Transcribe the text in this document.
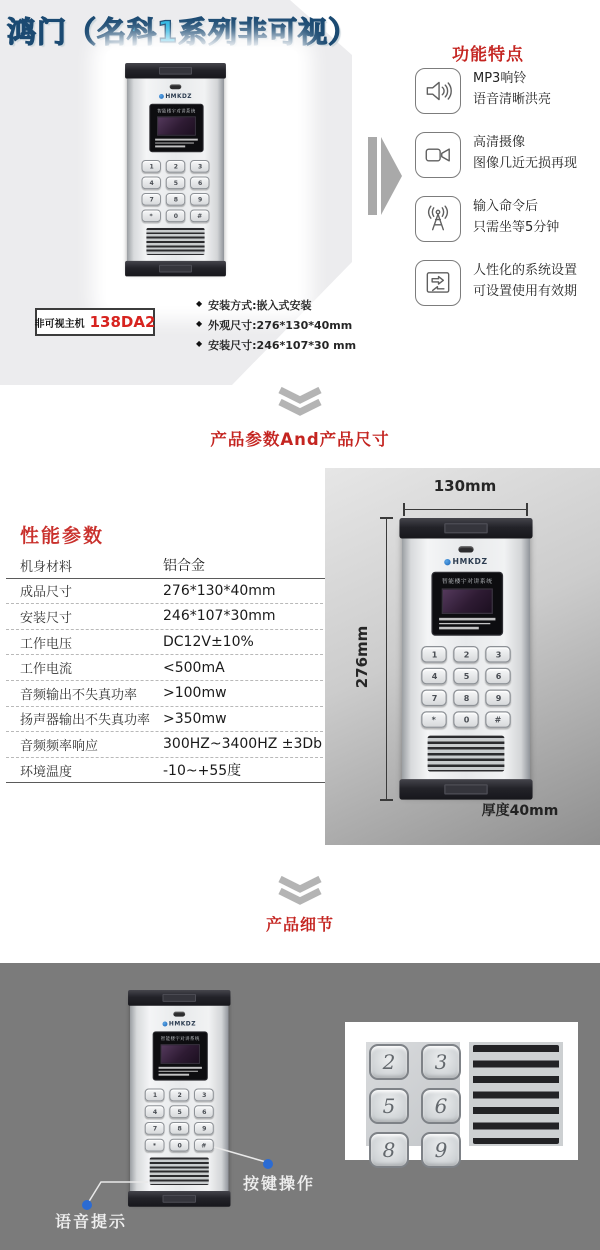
鸿门（名科1系列非可视）
HMKDZ
智能楼宇对讲系统
1	2	3
4	5	6
7	8	9
*	0	#
非可视主机 138DA2
◆ 安装方式:嵌入式安装
◆ 外观尺寸:276*130*40mm
◆ 安装尺寸:246*107*30 mm
功能特点
MP3响铃
语音清晰洪亮
高清摄像
图像几近无损再现
输入命令后
只需坐等5分钟
人性化的系统设置
可设置使用有效期
产品参数And产品尺寸
性能参数
机身材料	铝合金
成品尺寸	276*130*40mm
安装尺寸	246*107*30mm
工作电压	DC12V±10%
工作电流	<500mA
音频输出不失真功率	>100mw
扬声器输出不失真功率 >350mw
音频频率响应	300HZ~3400HZ ±3Db
环境温度	-10~+55度
130mm
276mm
HMKDZ
智能楼宇对讲系统
1	2	3
4	5	6
7	8	9
*	0	#
厚度40mm
产品细节
HMKDZ
智能楼宇对讲系统
1	2	3
4	5	6
7	8	9
*	0	#
按键操作
语音提示
2 3
5 6
8 9
